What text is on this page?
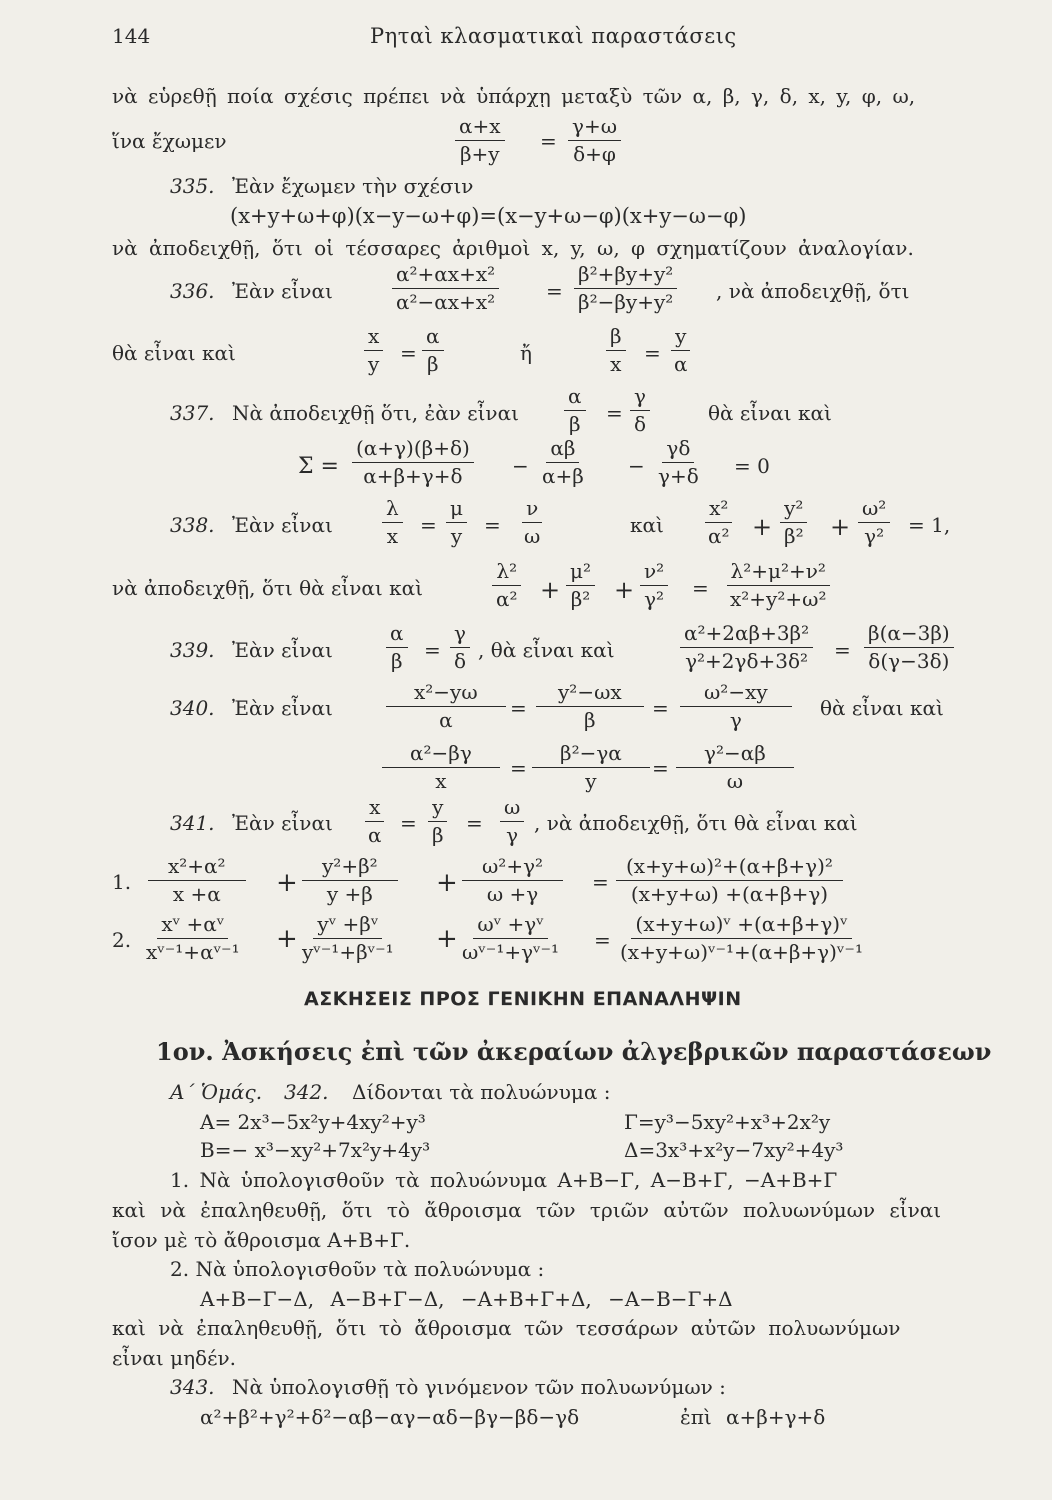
144	Ρηταὶ κλασματικαὶ παραστάσεις
νὰ εὑρεθῇ ποία σχέσις πρέπει νὰ ὑπάρχῃ μεταξὺ τῶν α, β, γ, δ, x, y, φ, ω,
ἵνα ἔχωμεν	$\frac{\alpha+x}{\beta+y} = \frac{\gamma+\omega}{\delta+\varphi}$
335. Ἐὰν ἔχωμεν τὴν σχέσιν
(x+y+ω+φ)(x−y−ω+φ)=(x−y+ω−φ)(x+y−ω−φ)
νὰ ἀποδειχθῇ, ὅτι οἱ τέσσαρες ἀριθμοὶ x, y, ω, φ σχηματίζουν ἀναλογίαν.
336. Ἐὰν εἶναι	$\frac{\text{α²+αx+x²}}{\text{α²−αx+x²}} = \frac{\text{β²+βy+y²}}{\text{β²−βy+y²}}$ , νὰ ἀποδειχθῇ, ὅτι
θὰ εἶναι καὶ	$\frac{x}{y} = \frac{\alpha}{\beta}$	ἤ	$\frac{\beta}{x} = \frac{y}{\alpha}$
337. Νὰ ἀποδειχθῇ ὅτι, ἐὰν εἶναι $\frac{\alpha}{\beta} = \frac{\gamma}{\delta}$	θὰ εἶναι καὶ
$\Sigma = \frac{(\alpha+\gamma)(\beta+\delta)}{\alpha+\beta+\gamma+\delta} - \frac{\alpha\beta}{\alpha+\beta} - \frac{\gamma\delta}{\gamma+\delta} = 0$
338. Ἐὰν εἶναι $\frac{\lambda}{x} = \frac{\mu}{y} = \frac{\nu}{\omega}$	καὶ $\frac{\text{x²}}{\text{α²}} + \frac{\text{y²}}{\text{β²}} + \frac{\text{ω²}}{\text{γ²}} = 1$,
νὰ ἀποδειχθῇ, ὅτι θὰ εἶναι καὶ	$\frac{\text{λ²}}{\text{α²}} + \frac{\text{μ²}}{\text{β²}} + \frac{\text{ν²}}{\text{γ²}} = \frac{\text{λ²+μ²+ν²}}{\text{x²+y²+ω²}}$
339. Ἐὰν εἶναι	$\frac{\alpha}{\beta} = \frac{\gamma}{\delta}$ , θὰ εἶναι καὶ	$\frac{\text{α²+2αβ+3β²}}{\text{γ²+2γδ+3δ²}} = \frac{\beta(\alpha-3\beta)}{\delta(\gamma-3\delta)}$
340. Ἐὰν εἶναι	$\frac{\text{x²−yω}}{\alpha} = \frac{\text{y²−ωx}}{\beta} = \frac{\text{ω²−xy}}{\gamma}$ θὰ εἶναι καὶ
$\frac{\text{α²−βγ}}{x} = \frac{\text{β²−γα}}{y} = \frac{\text{γ²−αβ}}{\omega}$
341. Ἐὰν εἶναι $\frac{x}{\alpha} = \frac{y}{\beta} = \frac{\omega}{\gamma}$ , νὰ ἀποδειχθῇ, ὅτι θὰ εἶναι καὶ
1. $\frac{\text{x²+α²}}{x +\alpha} + \frac{\text{y²+β²}}{y +\beta} + \frac{\text{ω²+γ²}}{\omega +\gamma} = \frac{\text{(x+y+ω)²+(α+β+γ)²}}{(x+y+\omega) +(\alpha+\beta+\gamma)}$
2. $\frac{\text{xᵛ +αᵛ}}{\text{xᵛ⁻¹+αᵛ⁻¹}} + \frac{\text{yᵛ +βᵛ}}{\text{yᵛ⁻¹+βᵛ⁻¹}} + \frac{\text{ωᵛ +γᵛ}}{\text{ωᵛ⁻¹+γᵛ⁻¹}} = \frac{\text{(x+y+ω)ᵛ +(α+β+γ)ᵛ}}{\text{(x+y+ω)ᵛ⁻¹+(α+β+γ)ᵛ⁻¹}}$
ΑΣΚΗΣΕΙΣ ΠΡΟΣ ΓΕΝΙΚΗΝ ΕΠΑΝΑΛΗΨΙΝ
1ον. Ἀσκήσεις ἐπὶ τῶν ἀκεραίων ἀλγεβρικῶν παραστάσεων
Α΄ Ὁμάς. 342. Δίδονται τὰ πολυώνυμα :
A= 2x³−5x²y+4xy²+y³	Γ=y³−5xy²+x³+2x²y
B=− x³−xy²+7x²y+4y³	Δ=3x³+x²y−7xy²+4y³
1. Νὰ ὑπολογισθοῦν τὰ πολυώνυμα A+B−Γ, A−B+Γ, −A+B+Γ
καὶ νὰ ἐπαληθευθῇ, ὅτι τὸ ἄθροισμα τῶν τριῶν αὐτῶν πολυωνύμων εἶναι
ἴσον μὲ τὸ ἄθροισμα A+B+Γ.
2. Νὰ ὑπολογισθοῦν τὰ πολυώνυμα :
A+B−Γ−Δ, A−B+Γ−Δ, −A+B+Γ+Δ, −A−B−Γ+Δ
καὶ νὰ ἐπαληθευθῇ, ὅτι τὸ ἄθροισμα τῶν τεσσάρων αὐτῶν πολυωνύμων
εἶναι μηδέν.
343. Νὰ ὑπολογισθῇ τὸ γινόμενον τῶν πολυωνύμων :
α²+β²+γ²+δ²−αβ−αγ−αδ−βγ−βδ−γδ	ἐπὶ α+β+γ+δ
